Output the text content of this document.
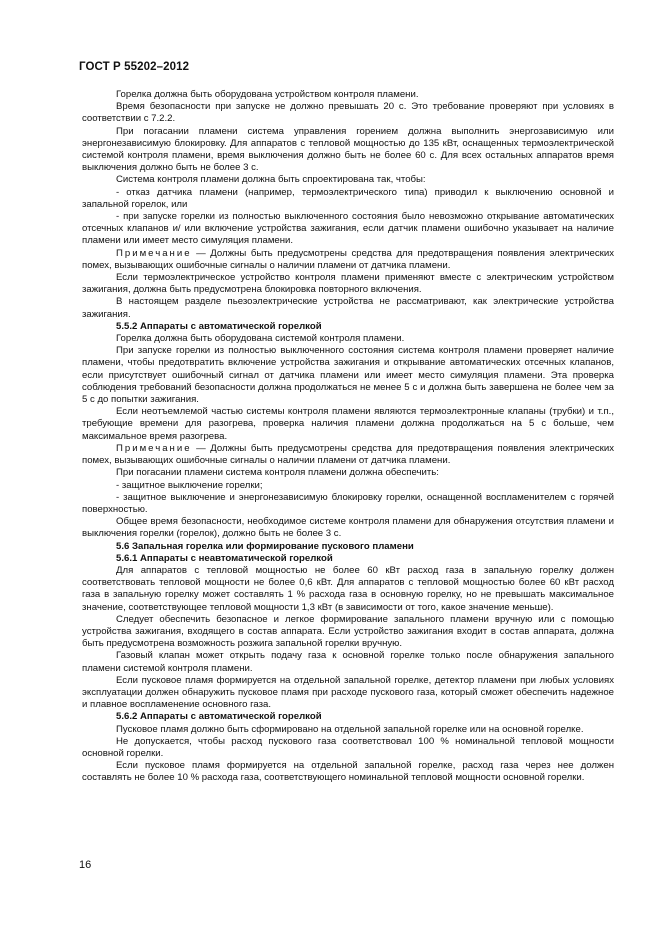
ГОСТ Р 55202–2012

Горелка должна быть оборудована устройством контроля пламени.

Время безопасности при запуске не должно превышать 20 с. Это требование проверяют при условиях в соответствии с 7.2.2.

При погасании пламени система управления горением должна выполнить энергозависимую или энергонезависимую блокировку. Для аппаратов с тепловой мощностью до 135 кВт, оснащенных термоэлектрической системой контроля пламени, время выключения должно быть не более 60 с. Для всех остальных аппаратов время выключения должно быть не более 3 с.

Система контроля пламени должна быть спроектирована так, чтобы:

- отказ датчика пламени (например, термоэлектрического типа) приводил к выключению основной и запальной горелок, или

- при запуске горелки из полностью выключенного состояния было невозможно открывание автоматических отсечных клапанов и/ или включение устройства зажигания, если датчик пламени ошибочно указывает на наличие пламени или имеет место симуляция пламени.

Примечание — Должны быть предусмотрены средства для предотвращения появления электрических помех, вызывающих ошибочные сигналы о наличии пламени от датчика пламени.

Если термоэлектрическое устройство контроля пламени применяют вместе с электрическим устройством зажигания, должна быть предусмотрена блокировка повторного включения.

В настоящем разделе пьезоэлектрические устройства не рассматривают, как электрические устройства зажигания.

5.5.2 Аппараты с автоматической горелкой

Горелка должна быть оборудована системой контроля пламени.

При запуске горелки из полностью выключенного состояния система контроля пламени проверяет наличие пламени, чтобы предотвратить включение устройства зажигания и открывание автоматических отсечных клапанов, если присутствует ошибочный сигнал от датчика пламени или имеет место симуляция пламени. Эта проверка соблюдения требований безопасности должна продолжаться не менее 5 с и должна быть завершена не более чем за 5 с до попытки зажигания.

Если неотъемлемой частью системы контроля пламени являются термоэлектронные клапаны (трубки) и т.п., требующие времени для разогрева, проверка наличия пламени должна продолжаться на 5 с больше, чем максимальное время разогрева.

Примечание — Должны быть предусмотрены средства для предотвращения появления электрических помех, вызывающих ошибочные сигналы о наличии пламени от датчика пламени.

При погасании пламени система контроля пламени должна обеспечить:

- защитное выключение горелки;

- защитное выключение и энергонезависимую блокировку горелки, оснащенной воспламенителем с горячей поверхностью.

Общее время безопасности, необходимое системе контроля пламени для обнаружения отсутствия пламени и выключения горелки (горелок), должно быть не более 3 с.

5.6 Запальная горелка или формирование пускового пламени

5.6.1 Аппараты с неавтоматической горелкой

Для аппаратов с тепловой мощностью не более 60 кВт расход газа в запальную горелку должен соответствовать тепловой мощности не более 0,6 кВт. Для аппаратов с тепловой мощностью более 60 кВт расход газа в запальную горелку может составлять 1 % расхода газа в основную горелку, но не превышать максимальное значение, соответствующее тепловой мощности 1,3 кВт (в зависимости от того, какое значение меньше).

Следует обеспечить безопасное и легкое формирование запального пламени вручную или с помощью устройства зажигания, входящего в состав аппарата. Если устройство зажигания входит в состав аппарата, должна быть предусмотрена возможность розжига запальной горелки вручную.

Газовый клапан может открыть подачу газа к основной горелке только после обнаружения запального пламени системой контроля пламени.

Если пусковое пламя формируется на отдельной запальной горелке, детектор пламени при любых условиях эксплуатации должен обнаружить пусковое пламя при расходе пускового газа, который сможет обеспечить надежное и плавное воспламенение основного газа.

5.6.2 Аппараты с автоматической горелкой

Пусковое пламя должно быть сформировано на отдельной запальной горелке или на основной горелке.

Не допускается, чтобы расход пускового газа соответствовал 100 % номинальной тепловой мощности основной горелки.

Если пусковое пламя формируется на отдельной запальной горелке, расход газа через нее должен составлять не более 10 % расхода газа, соответствующего номинальной тепловой мощности основной горелки.

16
